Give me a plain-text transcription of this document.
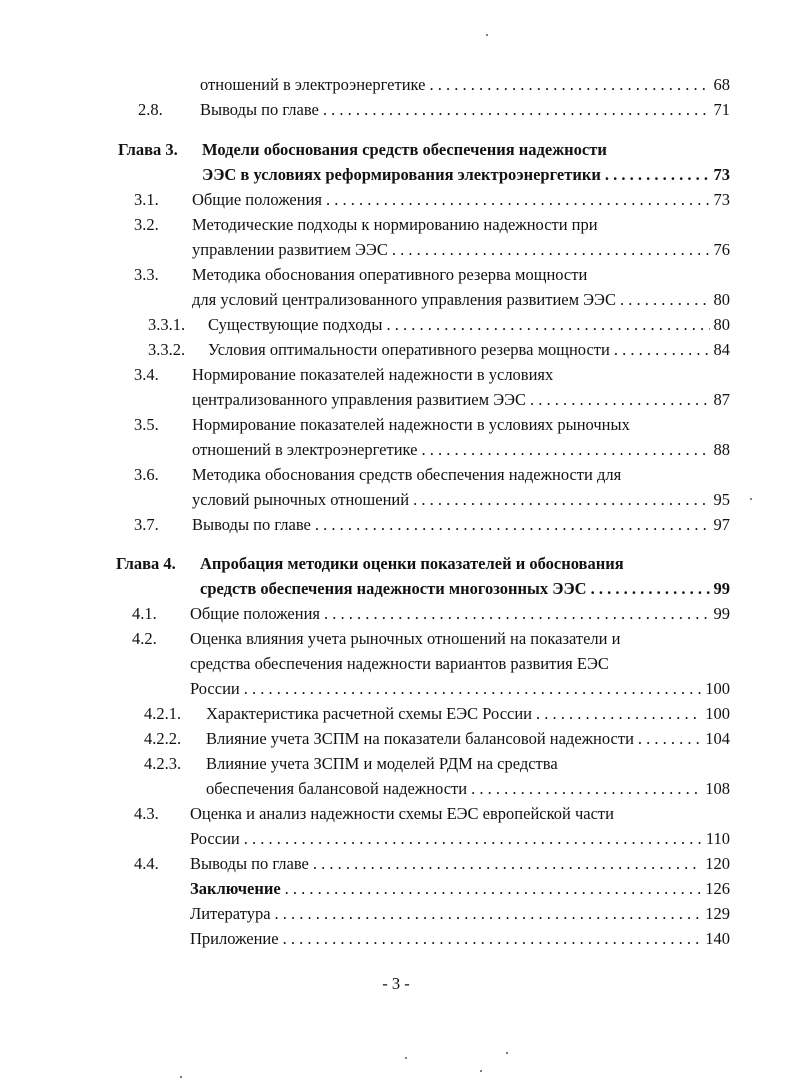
отношений в электроэнергетике . . .	68
2.8.	Выводы по главе . . .	71
Глава 3.	Модели обоснования средств обеспечения надежности
ЭЭС в условиях реформирования электроэнергетики . . .	73
3.1.	Общие положения . . .	73
3.2.	Методические подходы к нормированию надежности при
управлении развитием ЭЭС . . .	76
3.3.	Методика обоснования оперативного резерва мощности
для условий централизованного управления развитием ЭЭС . . .	80
3.3.1.	Существующие подходы . . .	80
3.3.2.	Условия оптимальности оперативного резерва мощности . . .	84
3.4.	Нормирование показателей надежности в условиях
централизованного управления развитием ЭЭС . . .	87
3.5.	Нормирование показателей надежности в условиях рыночных
отношений в электроэнергетике . . .	88
3.6.	Методика обоснования средств обеспечения надежности для
условий рыночных отношений . . .	95
3.7.	Выводы по главе . . .	97
Глава 4.	Апробация методики оценки показателей и обоснования
средств обеспечения надежности многозонных ЭЭС . . .	99
4.1.	Общие положения . . .	99
4.2.	Оценка влияния учета рыночных отношений на показатели и
средства обеспечения надежности вариантов развития ЕЭС
России . . .	100
4.2.1.	Характеристика расчетной схемы ЕЭС России . . .	100
4.2.2.	Влияние учета ЗСПМ на показатели балансовой надежности . . .	104
4.2.3.	Влияние учета ЗСПМ и моделей РДМ на средства
обеспечения балансовой надежности . . .	108
4.3.	Оценка и анализ надежности схемы ЕЭС европейской части
России . . .	110
4.4.	Выводы по главе . . .	120
Заключение . . .	126
Литература . . .	129
Приложение . . .	140
- 3 -
